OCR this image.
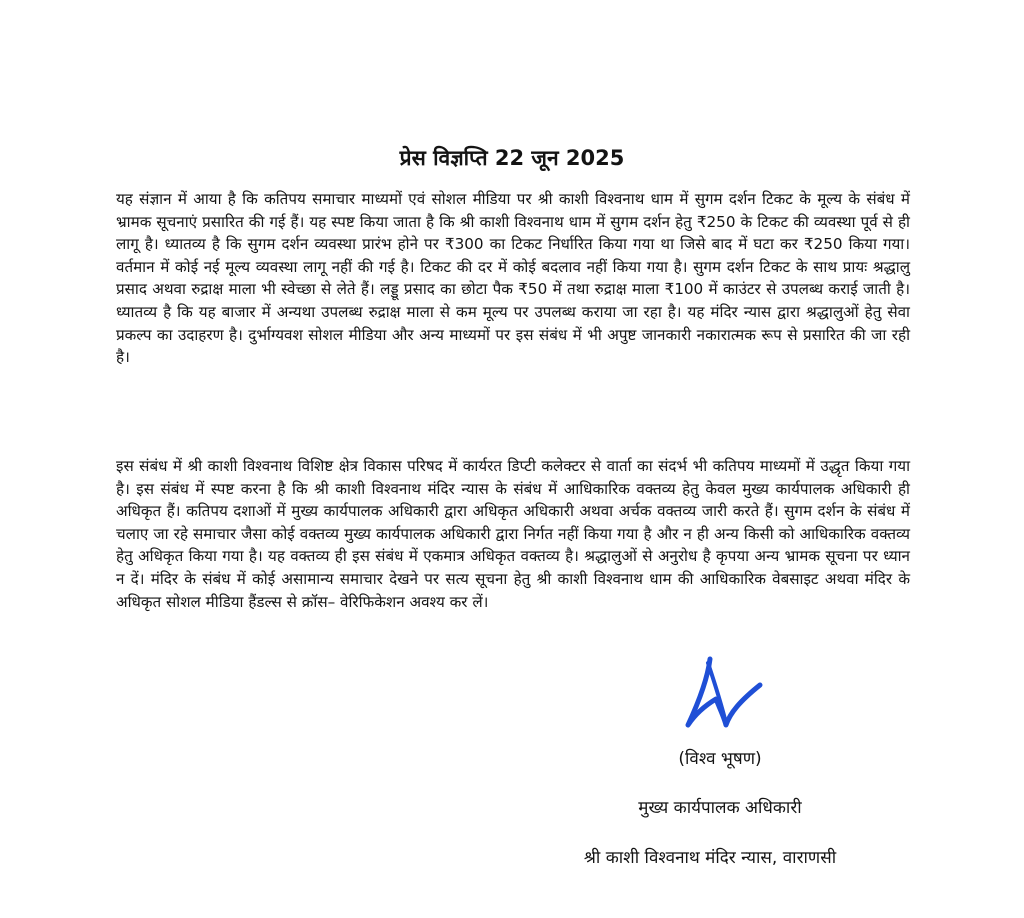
प्रेस विज्ञप्ति 22 जून 2025

यह संज्ञान में आया है कि कतिपय समाचार माध्यमों एवं सोशल मीडिया पर श्री काशी विश्वनाथ धाम में सुगम दर्शन टिकट के मूल्य के संबंध में भ्रामक सूचनाएं प्रसारित की गई हैं। यह स्पष्ट किया जाता है कि श्री काशी विश्वनाथ धाम में सुगम दर्शन हेतु ₹250 के टिकट की व्यवस्था पूर्व से ही लागू है। ध्यातव्य है कि सुगम दर्शन व्यवस्था प्रारंभ होने पर ₹300 का टिकट निर्धारित किया गया था जिसे बाद में घटा कर ₹250 किया गया। वर्तमान में कोई नई मूल्य व्यवस्था लागू नहीं की गई है। टिकट की दर में कोई बदलाव नहीं किया गया है। सुगम दर्शन टिकट के साथ प्रायः श्रद्धालु प्रसाद अथवा रुद्राक्ष माला भी स्वेच्छा से लेते हैं। लड्डू प्रसाद का छोटा पैक ₹50 में तथा रुद्राक्ष माला ₹100 में काउंटर से उपलब्ध कराई जाती है। ध्यातव्य है कि यह बाजार में अन्यथा उपलब्ध रुद्राक्ष माला से कम मूल्य पर उपलब्ध कराया जा रहा है। यह मंदिर न्यास द्वारा श्रद्धालुओं हेतु सेवा प्रकल्प का उदाहरण है। दुर्भाग्यवश सोशल मीडिया और अन्य माध्यमों पर इस संबंध में भी अपुष्ट जानकारी नकारात्मक रूप से प्रसारित की जा रही है।

इस संबंध में श्री काशी विश्वनाथ विशिष्ट क्षेत्र विकास परिषद में कार्यरत डिप्टी कलेक्टर से वार्ता का संदर्भ भी कतिपय माध्यमों में उद्धृत किया गया है। इस संबंध में स्पष्ट करना है कि श्री काशी विश्वनाथ मंदिर न्यास के संबंध में आधिकारिक वक्तव्य हेतु केवल मुख्य कार्यपालक अधिकारी ही अधिकृत हैं। कतिपय दशाओं में मुख्य कार्यपालक अधिकारी द्वारा अधिकृत अधिकारी अथवा अर्चक वक्तव्य जारी करते हैं। सुगम दर्शन के संबंध में चलाए जा रहे समाचार जैसा कोई वक्तव्य मुख्य कार्यपालक अधिकारी द्वारा निर्गत नहीं किया गया है और न ही अन्य किसी को आधिकारिक वक्तव्य हेतु अधिकृत किया गया है। यह वक्तव्य ही इस संबंध में एकमात्र अधिकृत वक्तव्य है। श्रद्धालुओं से अनुरोध है कृपया अन्य भ्रामक सूचना पर ध्यान न दें। मंदिर के संबंध में कोई असामान्य समाचार देखने पर सत्य सूचना हेतु श्री काशी विश्वनाथ धाम की आधिकारिक वेबसाइट अथवा मंदिर के अधिकृत सोशल मीडिया हैंडल्स से क्रॉस– वेरिफिकेशन अवश्य कर लें।

(विश्व भूषण)

मुख्य कार्यपालक अधिकारी

श्री काशी विश्वनाथ मंदिर न्यास, वाराणसी
